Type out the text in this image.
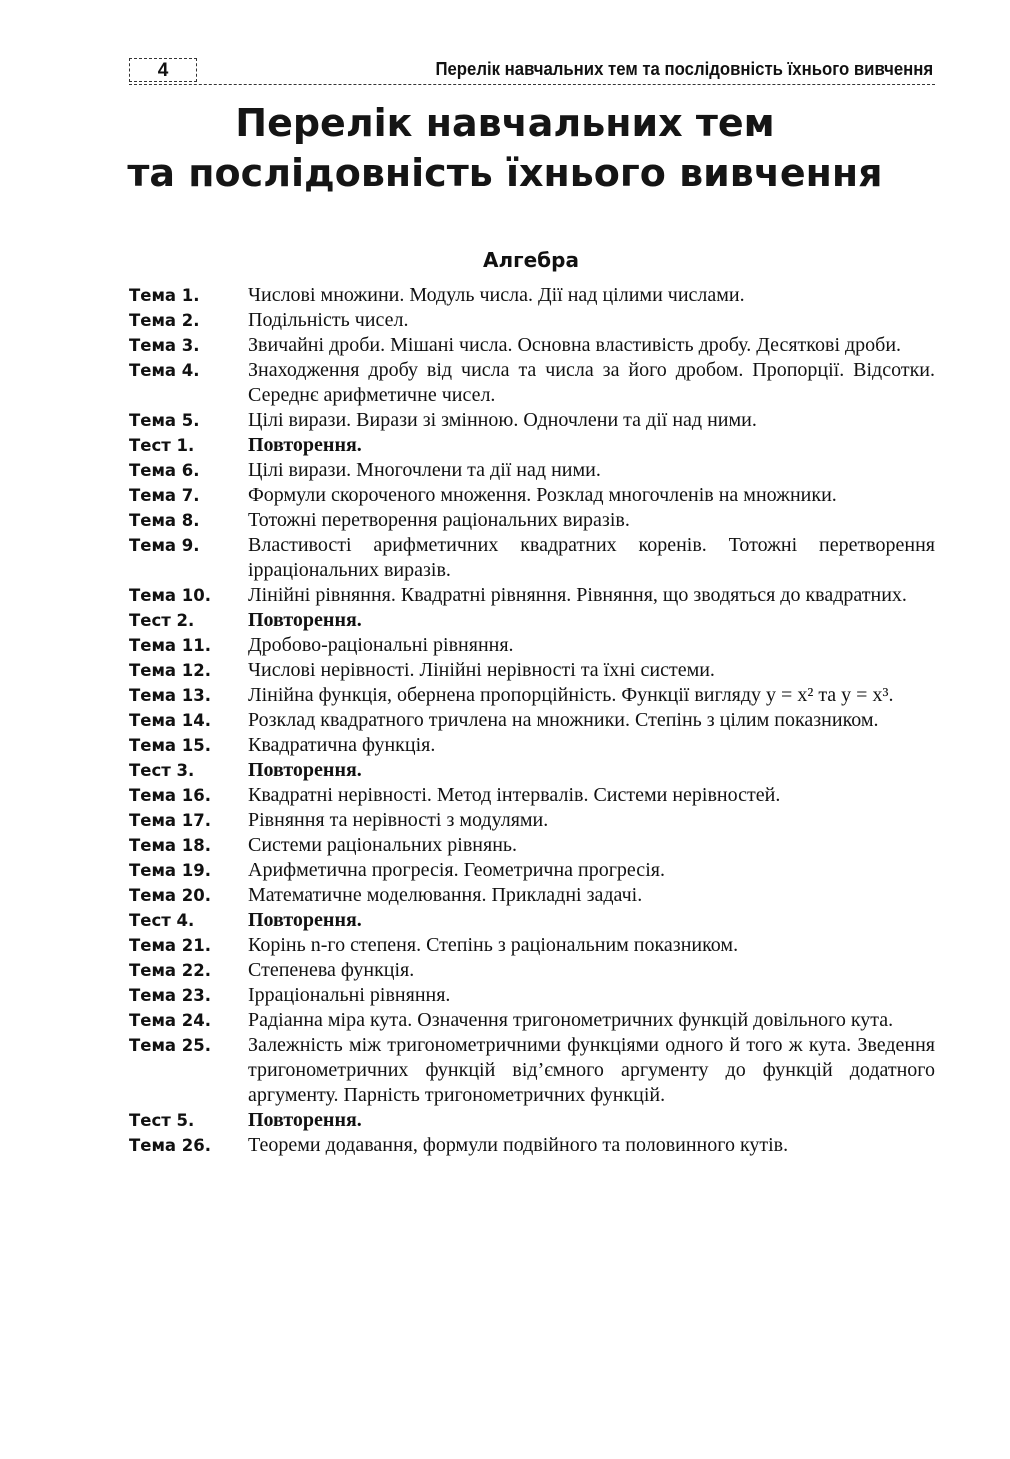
4	Перелік навчальних тем та послідовність їхнього вивчення
Перелік навчальних тем
та послідовність їхнього вивчення
Алгебра
Тема 1.	Числові множини. Модуль числа. Дії над цілими числами.
Тема 2.	Подільність чисел.
Тема 3.	Звичайні дроби. Мішані числа. Основна властивість дробу. Десяткові дроби.
Тема 4.	Знаходження дробу від числа та числа за його дробом. Пропорції. Відсотки. Середнє арифметичне чисел.
Тема 5.	Цілі вирази. Вирази зі змінною. Одночлени та дії над ними.
Тест 1.	Повторення.
Тема 6.	Цілі вирази. Многочлени та дії над ними.
Тема 7.	Формули скороченого множення. Розклад многочленів на множники.
Тема 8.	Тотожні перетворення раціональних виразів.
Тема 9.	Властивості арифметичних квадратних коренів. Тотожні перетворення ірраціональних виразів.
Тема 10.	Лінійні рівняння. Квадратні рівняння. Рівняння, що зводяться до квадратних.
Тест 2.	Повторення.
Тема 11.	Дробово-раціональні рівняння.
Тема 12.	Числові нерівності. Лінійні нерівності та їхні системи.
Тема 13.	Лінійна функція, обернена пропорційність. Функції вигляду y = x² та y = x³.
Тема 14.	Розклад квадратного тричлена на множники. Степінь з цілим показником.
Тема 15.	Квадратична функція.
Тест 3.	Повторення.
Тема 16.	Квадратні нерівності. Метод інтервалів. Системи нерівностей.
Тема 17.	Рівняння та нерівності з модулями.
Тема 18.	Системи раціональних рівнянь.
Тема 19.	Арифметична прогресія. Геометрична прогресія.
Тема 20.	Математичне моделювання. Прикладні задачі.
Тест 4.	Повторення.
Тема 21.	Корінь n-го степеня. Степінь з раціональним показником.
Тема 22.	Степенева функція.
Тема 23.	Ірраціональні рівняння.
Тема 24.	Радіанна міра кута. Означення тригонометричних функцій довільного кута.
Тема 25.	Залежність між тригонометричними функціями одного й того ж кута. Зведення тригонометричних функцій від’ємного аргументу до функцій додатного аргументу. Парність тригонометричних функцій.
Тест 5.	Повторення.
Тема 26.	Теореми додавання, формули подвійного та половинного кутів.
